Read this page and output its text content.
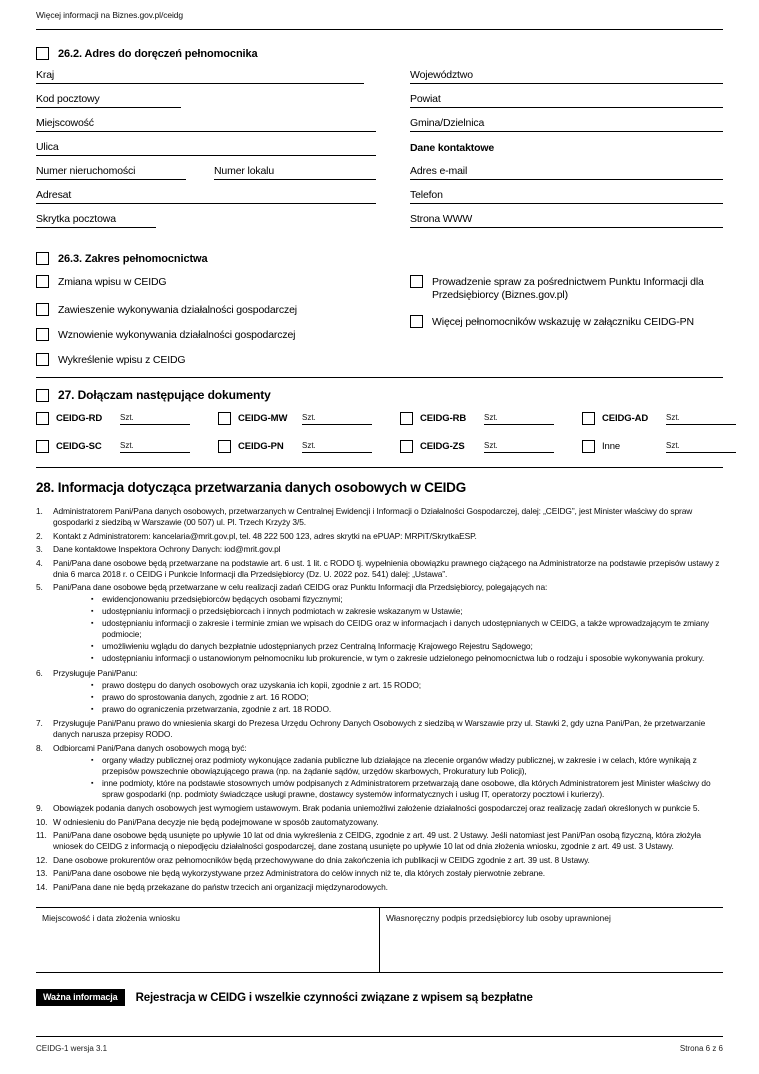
Więcej informacji na Biznes.gov.pl/ceidg
26.2. Adres do doręczeń pełnomocnika
Kraj
Kod pocztowy
Miejscowość
Ulica
Numer nieruchomości	Numer lokalu
Adresat
Skrytka pocztowa
Województwo
Powiat
Gmina/Dzielnica
Dane kontaktowe
Adres e-mail
Telefon
Strona WWW
26.3. Zakres pełnomocnictwa
Zmiana wpisu w CEIDG
Zawieszenie wykonywania działalności gospodarczej
Wznowienie wykonywania działalności gospodarczej
Wykreślenie wpisu z CEIDG
Prowadzenie spraw za pośrednictwem Punktu Informacji dla Przedsiębiorcy (Biznes.gov.pl)
Więcej pełnomocników wskazuję w załączniku CEIDG-PN
27. Dołączam następujące dokumenty
CEIDG-RD	Szt.	CEIDG-MW	Szt.	CEIDG-RB	Szt.	CEIDG-AD	Szt.
CEIDG-SC	Szt.	CEIDG-PN	Szt.	CEIDG-ZS	Szt.	Inne	Szt.
28. Informacja dotycząca przetwarzania danych osobowych w CEIDG
1.	Administratorem Pani/Pana danych osobowych, przetwarzanych w Centralnej Ewidencji i Informacji o Działalności Gospodarczej, dalej: „CEIDG”, jest Minister właściwy do spraw gospodarki z siedzibą w Warszawie (00 507) ul. Pl. Trzech Krzyży 3/5.
2.	Kontakt z Administratorem: kancelaria@mrit.gov.pl, tel. 48 222 500 123, adres skrytki na ePUAP: MRPiT/SkrytkaESP.
3.	Dane kontaktowe Inspektora Ochrony Danych: iod@mrit.gov.pl
4.	Pani/Pana dane osobowe będą przetwarzane na podstawie art. 6 ust. 1 lit. c RODO tj. wypełnienia obowiązku prawnego ciążącego na Administratorze na podstawie przepisów ustawy z dnia 6 marca 2018 r. o CEIDG i Punkcie Informacji dla Przedsiębiorcy (Dz. U. 2022 poz. 541) dalej: „Ustawa”.
5.	Pani/Pana dane osobowe będą przetwarzane w celu realizacji zadań CEIDG oraz Punktu Informacji dla Przedsiębiorcy, polegających na:
▪ ewidencjonowaniu przedsiębiorców będących osobami fizycznymi;
▪ udostępnianiu informacji o przedsiębiorcach i innych podmiotach w zakresie wskazanym w Ustawie;
▪ udostępnianiu informacji o zakresie i terminie zmian we wpisach do CEIDG oraz w informacjach i danych udostępnianych w CEIDG, a także wprowadzającym te zmiany podmiocie;
▪ umożliwieniu wglądu do danych bezpłatnie udostępnianych przez Centralną Informację Krajowego Rejestru Sądowego;
▪ udostępnianiu informacji o ustanowionym pełnomocniku lub prokurencie, w tym o zakresie udzielonego pełnomocnictwa lub o rodzaju i sposobie wykonywania prokury.
6.	Przysługuje Pani/Panu:
▪ prawo dostępu do danych osobowych oraz uzyskania ich kopii, zgodnie z art. 15 RODO;
▪ prawo do sprostowania danych, zgodnie z art. 16 RODO;
▪ prawo do ograniczenia przetwarzania, zgodnie z art. 18 RODO.
7.	Przysługuje Pani/Panu prawo do wniesienia skargi do Prezesa Urzędu Ochrony Danych Osobowych z siedzibą w Warszawie przy ul. Stawki 2, gdy uzna Pani/Pan, że przetwarzanie danych narusza przepisy RODO.
8.	Odbiorcami Pani/Pana danych osobowych mogą być:
▪ organy władzy publicznej oraz podmioty wykonujące zadania publiczne lub działające na zlecenie organów władzy publicznej, w zakresie i w celach, które wynikają z przepisów powszechnie obowiązującego prawa (np. na żądanie sądów, urzędów skarbowych, Prokuratury lub Policji),
▪ inne podmioty, które na podstawie stosownych umów podpisanych z Administratorem przetwarzają dane osobowe, dla których Administratorem jest Minister właściwy do spraw gospodarki (np. podmioty świadczące usługi prawne, dostawcy systemów informatycznych i usług IT, operatorzy pocztowi i kurierzy).
9.	Obowiązek podania danych osobowych jest wymogiem ustawowym. Brak podania uniemożliwi założenie działalności gospodarczej oraz realizację zadań określonych w punkcie 5.
10. W odniesieniu do Pani/Pana decyzje nie będą podejmowane w sposób zautomatyzowany.
11. Pani/Pana dane osobowe będą usunięte po upływie 10 lat od dnia wykreślenia z CEIDG, zgodnie z art. 49 ust. 2 Ustawy. Jeśli natomiast jest Pani/Pan osobą fizyczną, która złożyła wniosek do CEIDG z informacją o niepodjęciu działalności gospodarczej, dane zostaną usunięte po upływie 10 lat od dnia złożenia wniosku, zgodnie z art. 49 ust. 3 Ustawy.
12. Dane osobowe prokurentów oraz pełnomocników będą przechowywane do dnia zakończenia ich publikacji w CEIDG zgodnie z art. 39 ust. 8 Ustawy.
13. Pani/Pana dane osobowe nie będą wykorzystywane przez Administratora do celów innych niż te, dla których zostały pierwotnie zebrane.
14. Pani/Pana dane nie będą przekazane do państw trzecich ani organizacji międzynarodowych.
Miejscowość i data złożenia wniosku	Własnoręczny podpis przedsiębiorcy lub osoby uprawnionej
Ważna informacja	Rejestracja w CEIDG i wszelkie czynności związane z wpisem są bezpłatne
CEIDG-1 wersja 3.1	Strona 6 z 6
